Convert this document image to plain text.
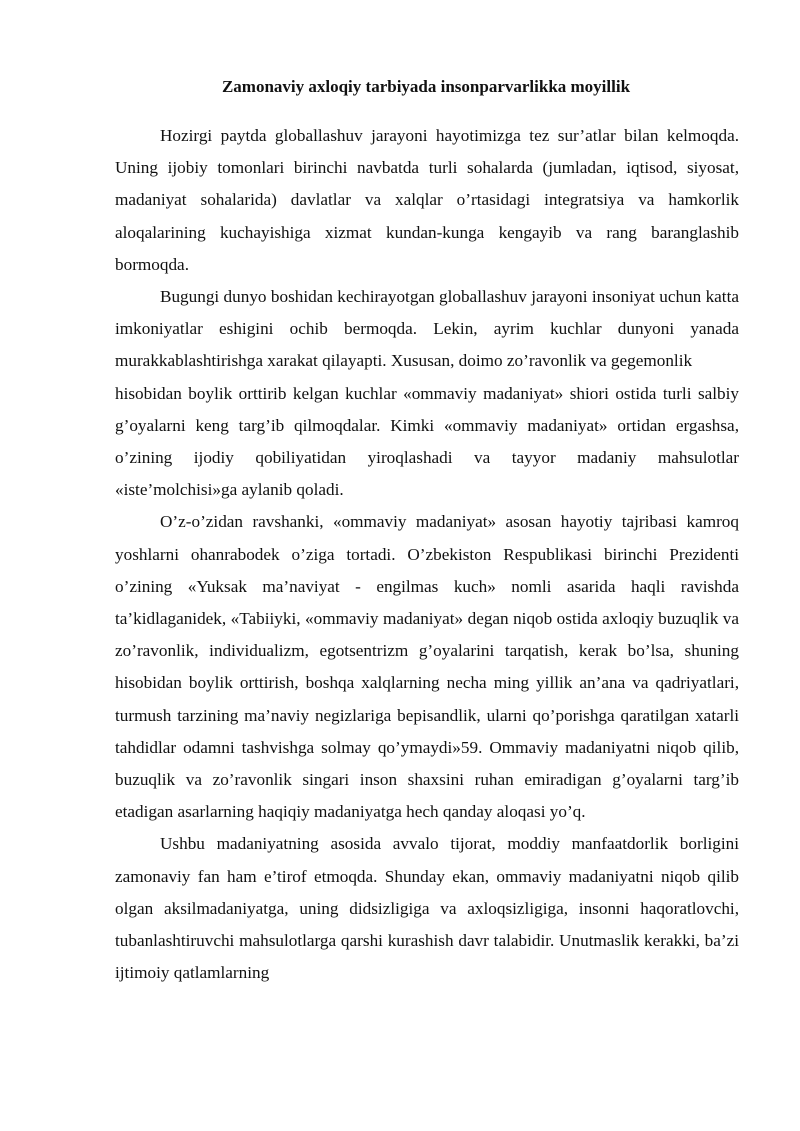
Zamonaviy axloqiy tarbiyada insonparvarlikka moyillik

Hozirgi paytda globallashuv jarayoni hayotimizga tez sur’atlar bilan kelmoqda. Uning ijobiy tomonlari birinchi navbatda turli sohalarda (jumladan, iqtisod, siyosat, madaniyat sohalarida) davlatlar va xalqlar o’rtasidagi integratsiya va hamkorlik aloqalarining kuchayishiga xizmat kundan-kunga kengayib va rang baranglashib bormoqda.

Bugungi dunyo boshidan kechirayotgan globallashuv jarayoni insoniyat uchun katta imkoniyatlar eshigini ochib bermoqda. Lekin, ayrim kuchlar dunyoni yanada murakkablashtirishga xarakat qilayapti. Xususan, doimo zo’ravonlik va gegemonlik

hisobidan boylik orttirib kelgan kuchlar «ommaviy madaniyat» shiori ostida turli salbiy g’oyalarni keng targ’ib qilmoqdalar. Kimki «ommaviy madaniyat» ortidan ergashsa, o’zining ijodiy qobiliyatidan yiroqlashadi va tayyor madaniy mahsulotlar «iste’molchisi»ga aylanib qoladi.

O’z-o’zidan ravshanki, «ommaviy madaniyat» asosan hayotiy tajribasi kamroq yoshlarni ohanrabodek o’ziga tortadi. O’zbekiston Respublikasi birinchi Prezidenti o’zining «Yuksak ma’naviyat - engilmas kuch» nomli asarida haqli ravishda ta’kidlaganidek, «Tabiiyki, «ommaviy madaniyat» degan niqob ostida axloqiy buzuqlik va zo’ravonlik, individualizm, egotsentrizm g’oyalarini tarqatish, kerak bo’lsa, shuning hisobidan boylik orttirish, boshqa xalqlarning necha ming yillik an’ana va qadriyatlari, turmush tarzining ma’naviy negizlariga bepisandlik, ularni qo’porishga qaratilgan xatarli tahdidlar odamni tashvishga solmay qo’ymaydi»59. Ommaviy madaniyatni niqob qilib, buzuqlik va zo’ravonlik singari inson shaxsini ruhan emiradigan g’oyalarni targ’ib etadigan asarlarning haqiqiy madaniyatga hech qanday aloqasi yo’q.

Ushbu madaniyatning asosida avvalo tijorat, moddiy manfaatdorlik borligini zamonaviy fan ham e’tirof etmoqda. Shunday ekan, ommaviy madaniyatni niqob qilib olgan aksilmadaniyatga, uning didsizligiga va axloqsizligiga, insonni haqoratlovchi, tubanlashtiruvchi mahsulotlarga qarshi kurashish davr talabidir. Unutmaslik kerakki, ba’zi ijtimoiy qatlamlarning
